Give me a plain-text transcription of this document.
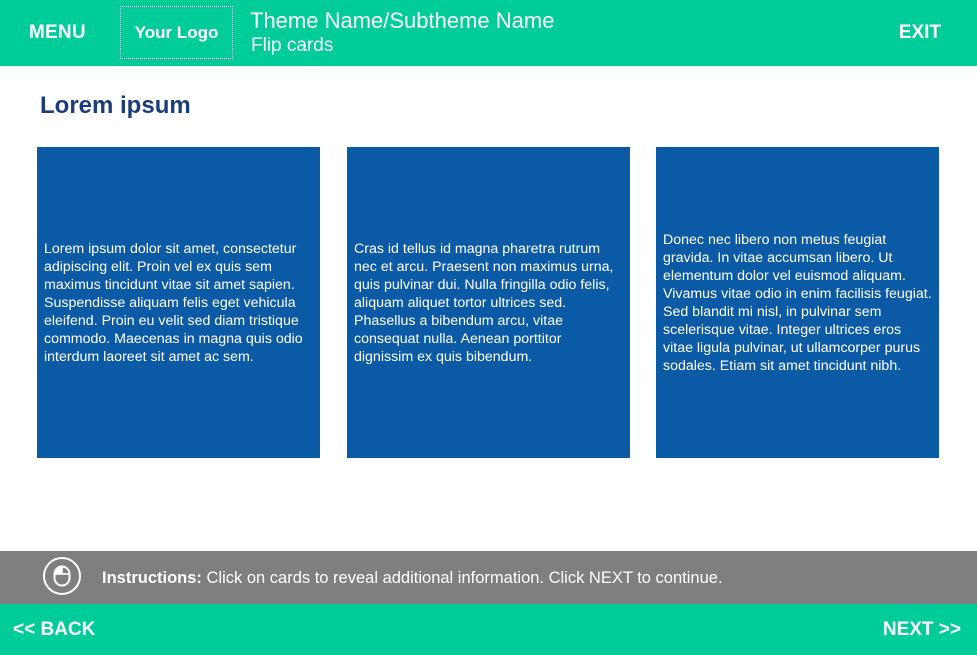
MENU	Your Logo Theme Name/Subtheme Name
Flip cards
EXIT
Lorem ipsum
Lorem ipsum dolor sit amet, consectetur adipiscing elit. Proin vel ex quis sem maximus tincidunt vitae sit amet sapien. Suspendisse aliquam felis eget vehicula eleifend. Proin eu velit sed diam tristique commodo. Maecenas in magna quis odio interdum laoreet sit amet ac sem.
Cras id tellus id magna pharetra rutrum nec et arcu. Praesent non maximus urna, quis pulvinar dui. Nulla fringilla odio felis, aliquam aliquet tortor ultrices sed. Phasellus a bibendum arcu, vitae consequat nulla. Aenean porttitor dignissim ex quis bibendum.
Donec nec libero non metus feugiat gravida. In vitae accumsan libero. Ut elementum dolor vel euismod aliquam. Vivamus vitae odio in enim facilisis feugiat. Sed blandit mi nisl, in pulvinar sem scelerisque vitae. Integer ultrices eros vitae ligula pulvinar, ut ullamcorper purus sodales. Etiam sit amet tincidunt nibh.
Instructions: Click on cards to reveal additional information. Click NEXT to continue.
<< BACK	NEXT >>
